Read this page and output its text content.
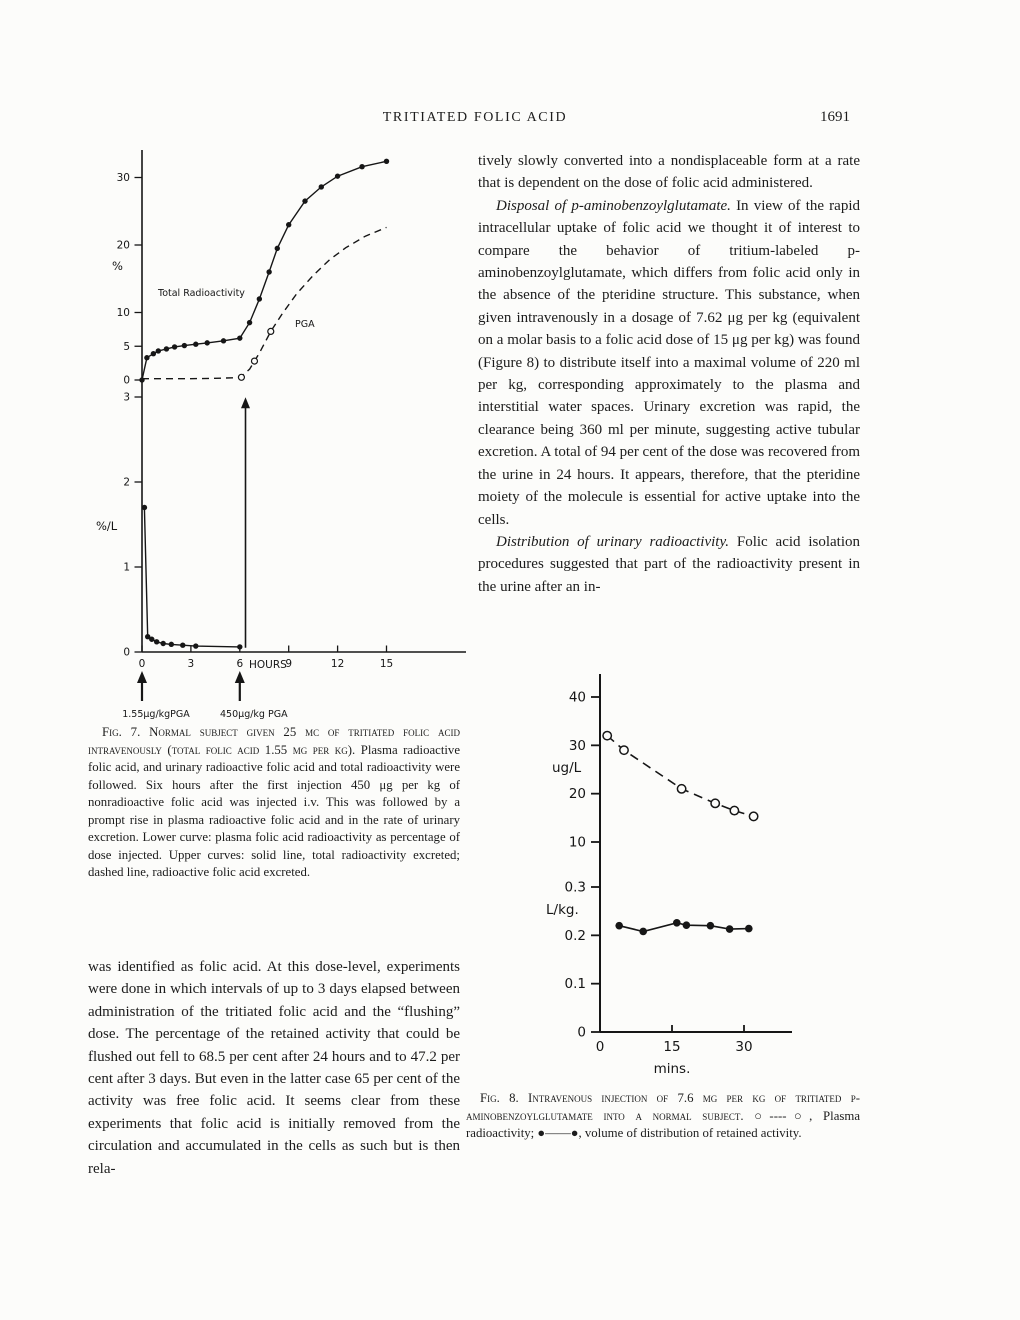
TRITIATED FOLIC ACID	1691
30
20
10
5
0
3
2
1
0
0	3	6	9	12	15
HOURS
%
%/L
Total Radioactivity
PGA
1.55μg/kgPGA	450μg/kg PGA

Fig. 7. Normal subject given 25 μc of tritiated folic acid intravenously (total folic acid 1.55 μg per kg). Plasma radioactive folic acid, and urinary radioactive folic acid and total radioactivity were followed. Six hours after the first injection 450 μg per kg of nonradioactive folic acid was injected i.v. This was followed by a prompt rise in plasma radioactive folic acid and in the rate of urinary excretion. Lower curve: plasma folic acid radioactivity as percentage of dose injected. Upper curves: solid line, total radioactivity excreted; dashed line, radioactive folic acid excreted.

was identified as folic acid. At this dose-level, experiments were done in which intervals of up to 3 days elapsed between administration of the tritiated folic acid and the “flushing” dose. The percentage of the retained activity that could be flushed out fell to 68.5 per cent after 24 hours and to 47.2 per cent after 3 days. But even in the latter case 65 per cent of the activity was free folic acid. It seems clear from these experiments that folic acid is initially removed from the circulation and accumulated in the cells as such but is then rela-

tively slowly converted into a nondisplaceable form at a rate that is dependent on the dose of folic acid administered.

Disposal of p-aminobenzoylglutamate. In view of the rapid intracellular uptake of folic acid we thought it of interest to compare the behavior of tritium-labeled p-aminobenzoylglutamate, which differs from folic acid only in the absence of the pteridine structure. This substance, when given intravenously in a dosage of 7.62 μg per kg (equivalent on a molar basis to a folic acid dose of 15 μg per kg) was found (Figure 8) to distribute itself into a maximal volume of 220 ml per kg, corresponding approximately to the plasma and interstitial water spaces. Urinary excretion was rapid, the clearance being 360 ml per minute, suggesting active tubular excretion. A total of 94 per cent of the dose was recovered from the urine in 24 hours. It appears, therefore, that the pteridine moiety of the molecule is essential for active uptake into the cells.

Distribution of urinary radioactivity. Folic acid isolation procedures suggested that part of the radioactivity present in the urine after an in-

40
30
20
10
0.3
0.2
0.1
0
0	15	30
mins.
ug/L
L/kg.

Fig. 8. Intravenous injection of 7.6 μg per kg of tritiated p-aminobenzoylglutamate into a normal subject. ○----○, Plasma radioactivity; ●——●, volume of distribution of retained activity.
